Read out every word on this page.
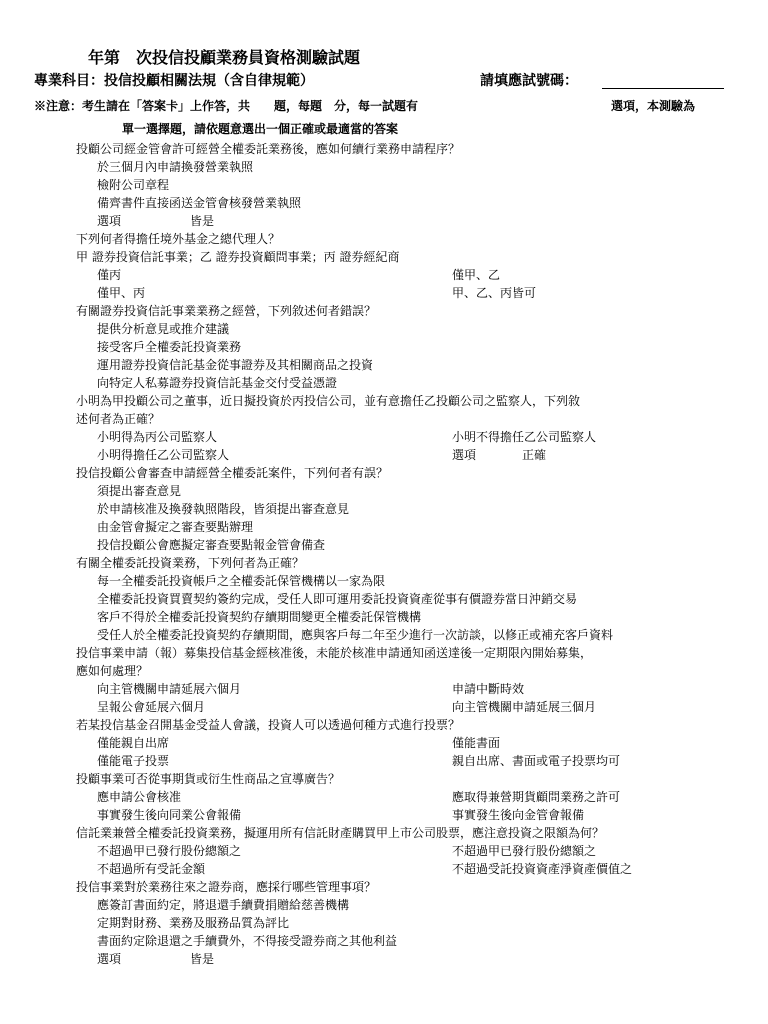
年第　次投信投顧業務員資格測驗試題
專業科目：投信投顧相關法規（含自律規範）	請填應試號碼：
※注意：考生請在「答案卡」上作答，共　　題，每題　分，每一試題有	選項，本測驗為
單一選擇題，請依題意選出一個正確或最適當的答案
投顧公司經金管會許可經營全權委託業務後，應如何續行業務申請程序？
於三個月內申請換發營業執照
檢附公司章程
備齊書件直接函送金管會核發營業執照
選項	皆是
下列何者得擔任境外基金之總代理人？
甲 證券投資信託事業；乙 證券投資顧問事業；丙 證券經紀商
僅丙	僅甲、乙
僅甲、丙	甲、乙、丙皆可
有關證券投資信託事業業務之經營，下列敘述何者錯誤？
提供分析意見或推介建議
接受客戶全權委託投資業務
運用證券投資信託基金從事證券及其相關商品之投資
向特定人私募證券投資信託基金交付受益憑證
小明為甲投顧公司之董事，近日擬投資於丙投信公司，並有意擔任乙投顧公司之監察人，下列敘
述何者為正確？
小明得為丙公司監察人	小明不得擔任乙公司監察人
小明得擔任乙公司監察人	選項	正確
投信投顧公會審查申請經營全權委託案件，下列何者有誤？
須提出審查意見
於申請核准及換發執照階段，皆須提出審查意見
由金管會擬定之審查要點辦理
投信投顧公會應擬定審查要點報金管會備查
有關全權委託投資業務，下列何者為正確？
每一全權委託投資帳戶之全權委託保管機構以一家為限
全權委託投資買賣契約簽約完成，受任人即可運用委託投資資產從事有價證券當日沖銷交易
客戶不得於全權委託投資契約存續期間變更全權委託保管機構
受任人於全權委託投資契約存續期間，應與客戶每二年至少進行一次訪談，以修正或補充客戶資料
投信事業申請（報）募集投信基金經核准後，未能於核准申請通知函送達後一定期限內開始募集，
應如何處理？
向主管機關申請延展六個月	申請中斷時效
呈報公會延展六個月	向主管機關申請延展三個月
若某投信基金召開基金受益人會議，投資人可以透過何種方式進行投票？
僅能親自出席	僅能書面
僅能電子投票	親自出席、書面或電子投票均可
投顧事業可否從事期貨或衍生性商品之宣導廣告？
應申請公會核准	應取得兼營期貨顧問業務之許可
事實發生後向同業公會報備	事實發生後向金管會報備
信託業兼營全權委託投資業務，擬運用所有信託財產購買甲上市公司股票，應注意投資之限額為何？
不超過甲已發行股份總額之	不超過甲已發行股份總額之
不超過所有受託金額	不超過受託投資資產淨資產價值之
投信事業對於業務往來之證券商，應採行哪些管理事項？
應簽訂書面約定，將退還手續費捐贈給慈善機構
定期對財務、業務及服務品質為評比
書面約定除退還之手續費外，不得接受證券商之其他利益
選項	皆是
